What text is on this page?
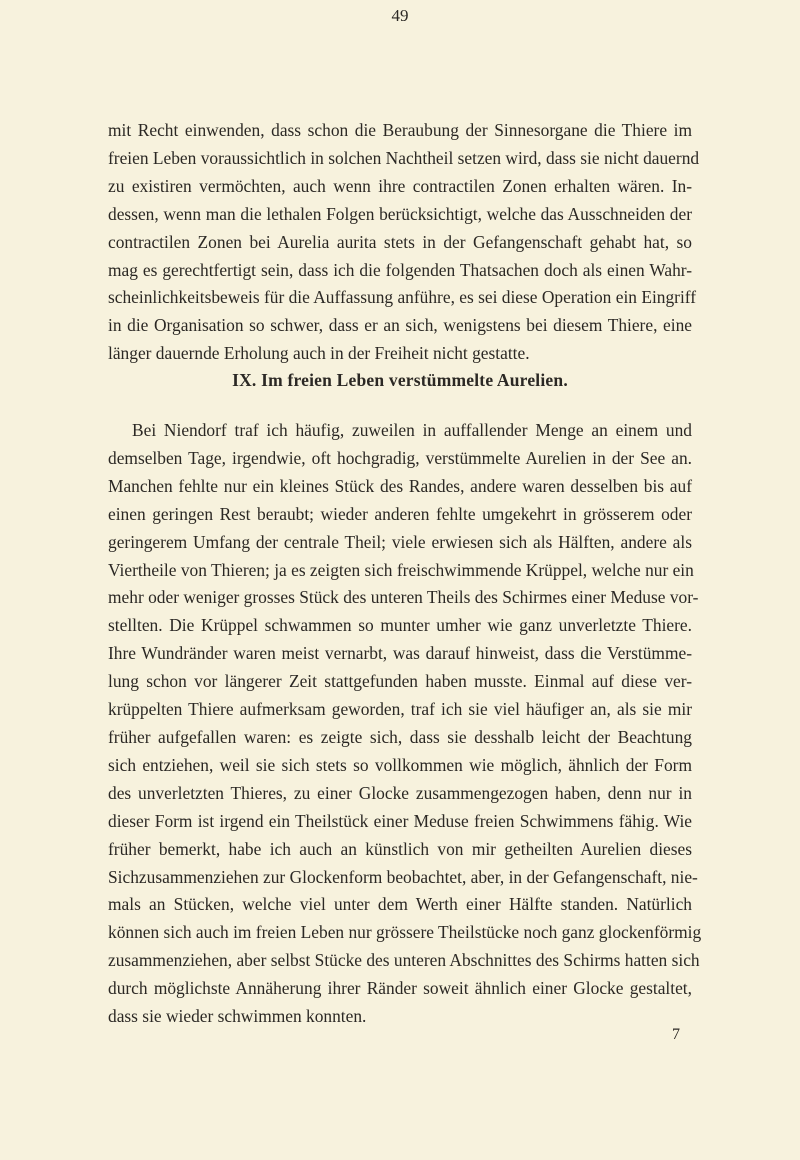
49

mit Recht einwenden, dass schon die Beraubung der Sinnesorgane die Thiere im
freien Leben voraussichtlich in solchen Nachtheil setzen wird, dass sie nicht dauernd
zu existiren vermöchten, auch wenn ihre contractilen Zonen erhalten wären. In-
dessen, wenn man die lethalen Folgen berücksichtigt, welche das Ausschneiden der
contractilen Zonen bei Aurelia aurita stets in der Gefangenschaft gehabt hat, so
mag es gerechtfertigt sein, dass ich die folgenden Thatsachen doch als einen Wahr-
scheinlichkeitsbeweis für die Auffassung anführe, es sei diese Operation ein Eingriff
in die Organisation so schwer, dass er an sich, wenigstens bei diesem Thiere, eine
länger dauernde Erholung auch in der Freiheit nicht gestatte.

IX. Im freien Leben verstümmelte Aurelien.

Bei Niendorf traf ich häufig, zuweilen in auffallender Menge an einem und
demselben Tage, irgendwie, oft hochgradig, verstümmelte Aurelien in der See an.
Manchen fehlte nur ein kleines Stück des Randes, andere waren desselben bis auf
einen geringen Rest beraubt; wieder anderen fehlte umgekehrt in grösserem oder
geringerem Umfang der centrale Theil; viele erwiesen sich als Hälften, andere als
Viertheile von Thieren; ja es zeigten sich freischwimmende Krüppel, welche nur ein
mehr oder weniger grosses Stück des unteren Theils des Schirmes einer Meduse vor-
stellten. Die Krüppel schwammen so munter umher wie ganz unverletzte Thiere.
Ihre Wundränder waren meist vernarbt, was darauf hinweist, dass die Verstümme-
lung schon vor längerer Zeit stattgefunden haben musste. Einmal auf diese ver-
krüppelten Thiere aufmerksam geworden, traf ich sie viel häufiger an, als sie mir
früher aufgefallen waren: es zeigte sich, dass sie desshalb leicht der Beachtung
sich entziehen, weil sie sich stets so vollkommen wie möglich, ähnlich der Form
des unverletzten Thieres, zu einer Glocke zusammengezogen haben, denn nur in
dieser Form ist irgend ein Theilstück einer Meduse freien Schwimmens fähig. Wie
früher bemerkt, habe ich auch an künstlich von mir getheilten Aurelien dieses
Sichzusammenziehen zur Glockenform beobachtet, aber, in der Gefangenschaft, nie-
mals an Stücken, welche viel unter dem Werth einer Hälfte standen. Natürlich
können sich auch im freien Leben nur grössere Theilstücke noch ganz glockenförmig
zusammenziehen, aber selbst Stücke des unteren Abschnittes des Schirms hatten sich
durch möglichste Annäherung ihrer Ränder soweit ähnlich einer Glocke gestaltet,
dass sie wieder schwimmen konnten.

7
